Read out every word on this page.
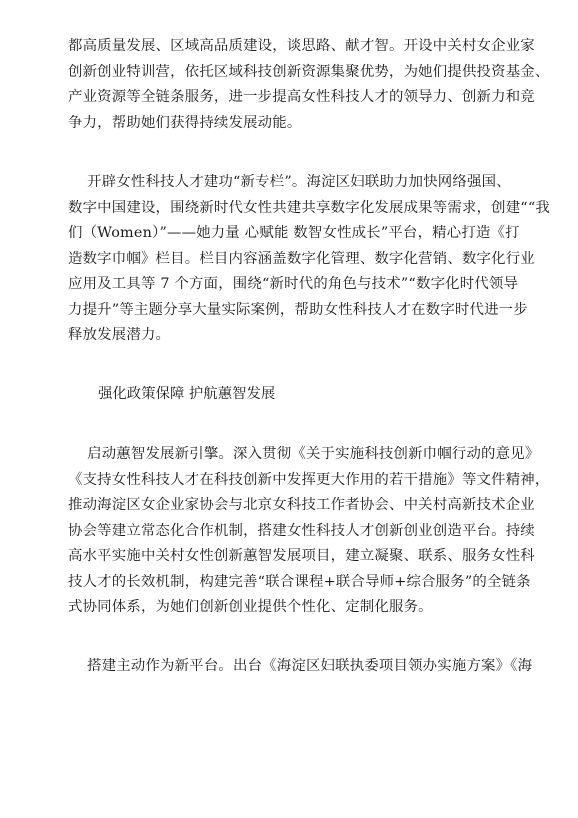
都高质量发展、区域高品质建设，谈思路、献才智。开设中关村女企业家
创新创业特训营，依托区域科技创新资源集聚优势，为她们提供投资基金、
产业资源等全链条服务，进一步提高女性科技人才的领导力、创新力和竞
争力，帮助她们获得持续发展动能。

开辟女性科技人才建功“新专栏”。海淀区妇联助力加快网络强国、
数字中国建设，围绕新时代女性共建共享数字化发展成果等需求，创建““我
们（Women）”——她力量 心赋能 数智女性成长”平台，精心打造《打
造数字巾帼》栏目。栏目内容涵盖数字化管理、数字化营销、数字化行业
应用及工具等 7 个方面，围绕“新时代的角色与技术”“数字化时代领导
力提升”等主题分享大量实际案例，帮助女性科技人才在数字时代进一步
释放发展潜力。

强化政策保障 护航蕙智发展

启动蕙智发展新引擎。深入贯彻《关于实施科技创新巾帼行动的意见》
《支持女性科技人才在科技创新中发挥更大作用的若干措施》等文件精神，
推动海淀区女企业家协会与北京女科技工作者协会、中关村高新技术企业
协会等建立常态化合作机制，搭建女性科技人才创新创业创造平台。持续
高水平实施中关村女性创新蕙智发展项目，建立凝聚、联系、服务女性科
技人才的长效机制，构建完善“联合课程+联合导师+综合服务”的全链条
式协同体系，为她们创新创业提供个性化、定制化服务。

搭建主动作为新平台。出台《海淀区妇联执委项目领办实施方案》《海
